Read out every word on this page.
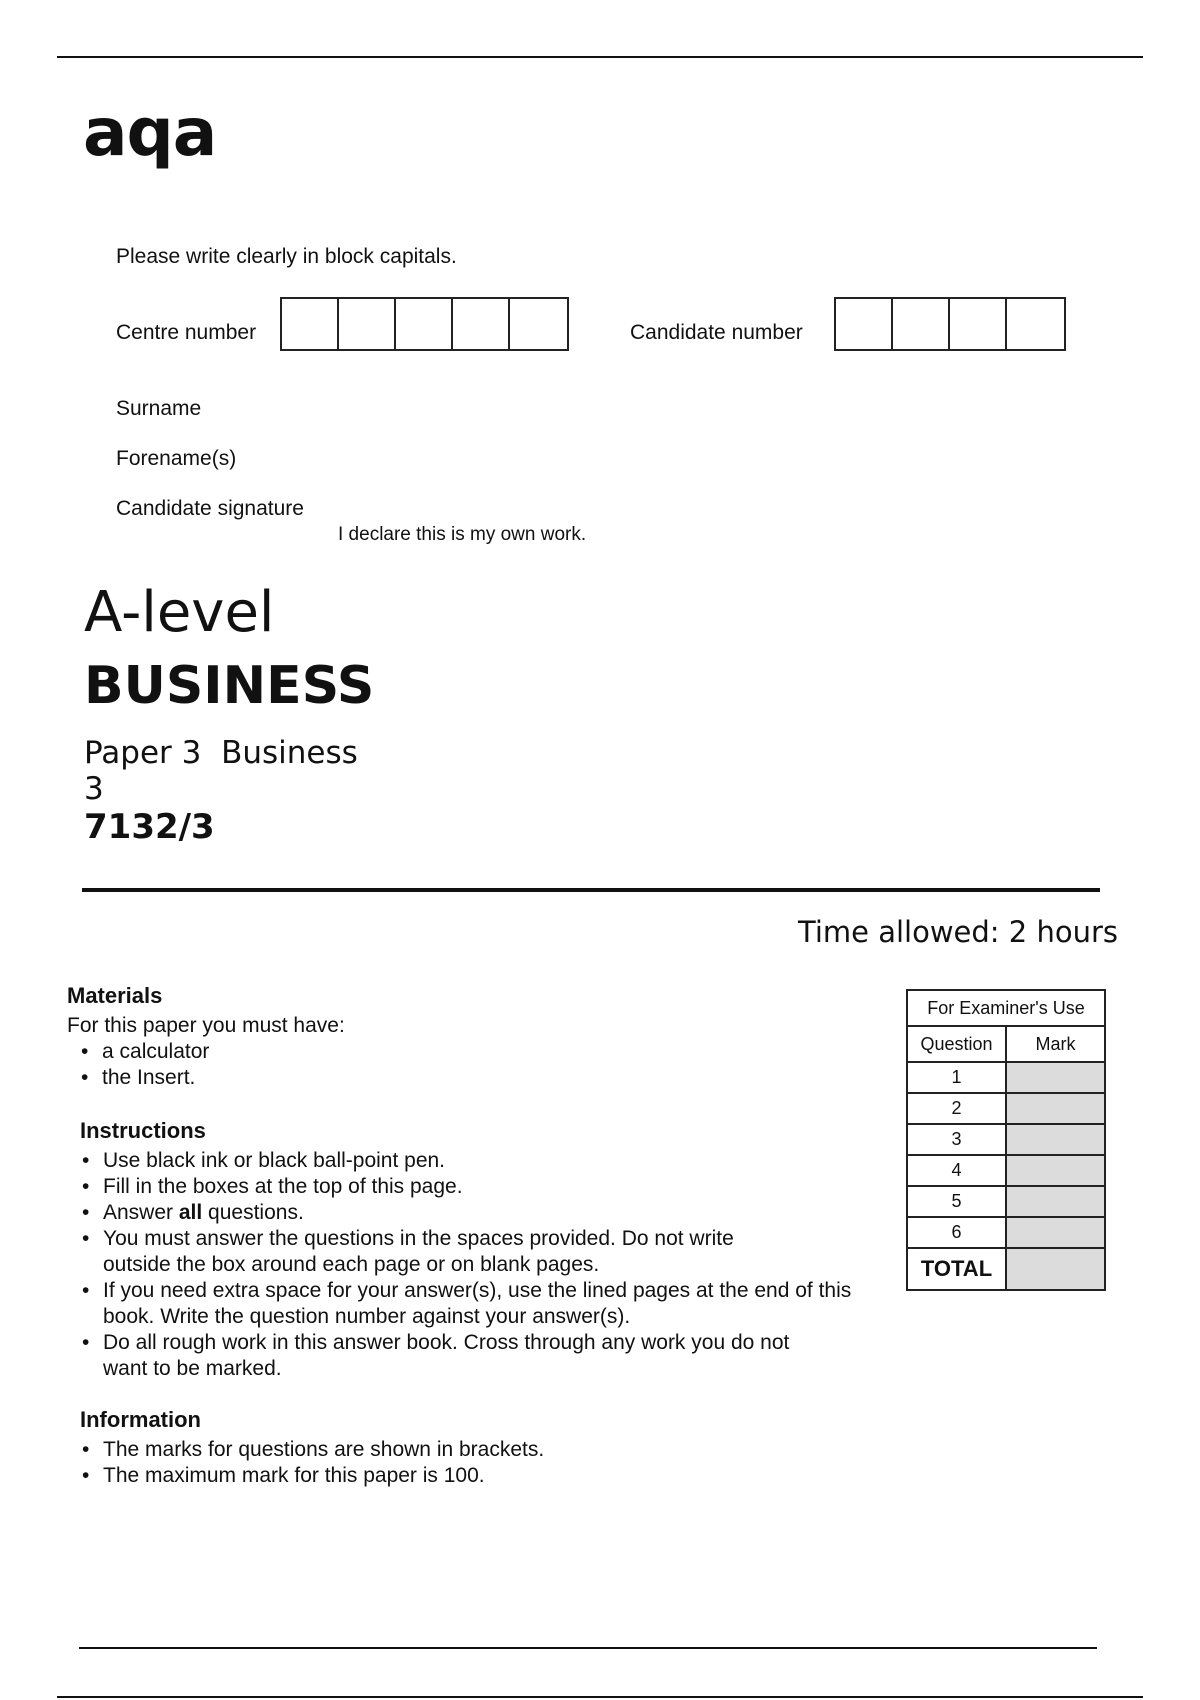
aqa
Please write clearly in block capitals.
Centre number	Candidate number
Surname
Forename(s)
Candidate signature
I declare this is my own work.
A-level
BUSINESS
Paper 3  Business
3
7132/3
Time allowed: 2 hours
Materials
For this paper you must have:
• a calculator
• the Insert.
Instructions
• Use black ink or black ball-point pen.
• Fill in the boxes at the top of this page.
• Answer all questions.
• You must answer the questions in the spaces provided. Do not write outside the box around each page or on blank pages.
• If you need extra space for your answer(s), use the lined pages at the end of this book. Write the question number against your answer(s).
• Do all rough work in this answer book. Cross through any work you do not want to be marked.
Information
• The marks for questions are shown in brackets.
• The maximum mark for this paper is 100.
For Examiner's Use	
Question	Mark
1	
2	
3	
4	
5	
6	
TOTAL	
